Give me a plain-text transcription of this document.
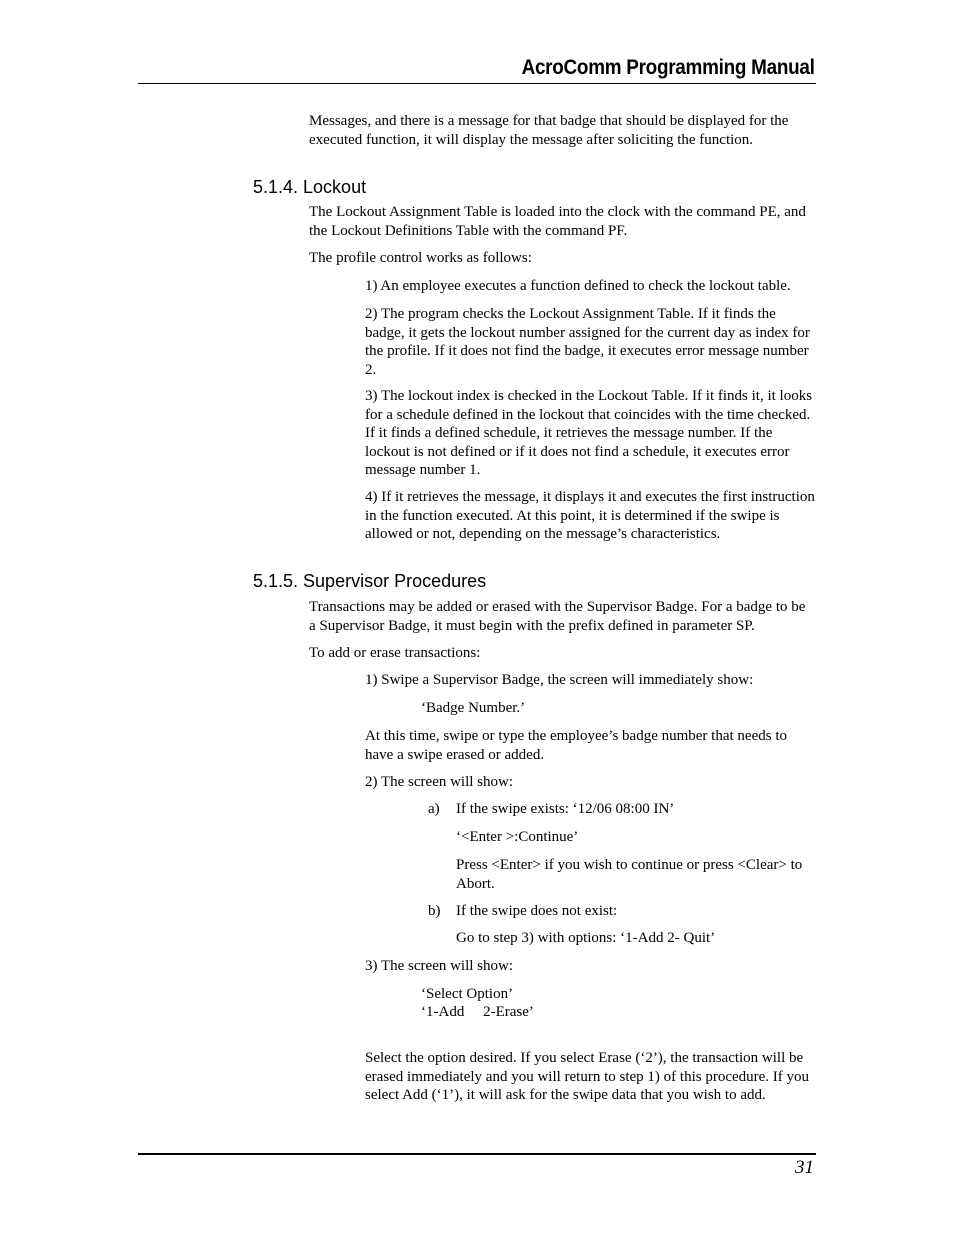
AcroComm Programming Manual

Messages, and there is a message for that badge that should be displayed for the executed function, it will display the message after soliciting the function.

5.1.4. Lockout

The Lockout Assignment Table is loaded into the clock with the command PE, and the Lockout Definitions Table with the command PF.

The profile control works as follows:

1) An employee executes a function defined to check the lockout table.

2) The program checks the Lockout Assignment Table. If it finds the badge, it gets the lockout number assigned for the current day as index for the profile. If it does not find the badge, it executes error message number 2.

3) The lockout index is checked in the Lockout Table. If it finds it, it looks for a schedule defined in the lockout that coincides with the time checked. If it finds a defined schedule, it retrieves the message number. If the lockout is not defined or if it does not find a schedule, it executes error message number 1.

4) If it retrieves the message, it displays it and executes the first instruction in the function executed. At this point, it is determined if the swipe is allowed or not, depending on the message’s characteristics.

5.1.5. Supervisor Procedures

Transactions may be added or erased with the Supervisor Badge. For a badge to be a Supervisor Badge, it must begin with the prefix defined in parameter SP.

To add or erase transactions:

1) Swipe a Supervisor Badge, the screen will immediately show:

‘Badge Number.’

At this time, swipe or type the employee’s badge number that needs to have a swipe erased or added.

2) The screen will show:

a) If the swipe exists: ‘12/06 08:00 IN’

‘<Enter >:Continue’

Press <Enter> if you wish to continue or press <Clear> to Abort.

b) If the swipe does not exist:

Go to step 3) with options: ‘1-Add 2- Quit’

3) The screen will show:

‘Select Option’

‘1-Add     2-Erase’

Select the option desired. If you select Erase (‘2’), the transaction will be erased immediately and you will return to step 1) of this procedure. If you select Add (‘1’), it will ask for the swipe data that you wish to add.

31
